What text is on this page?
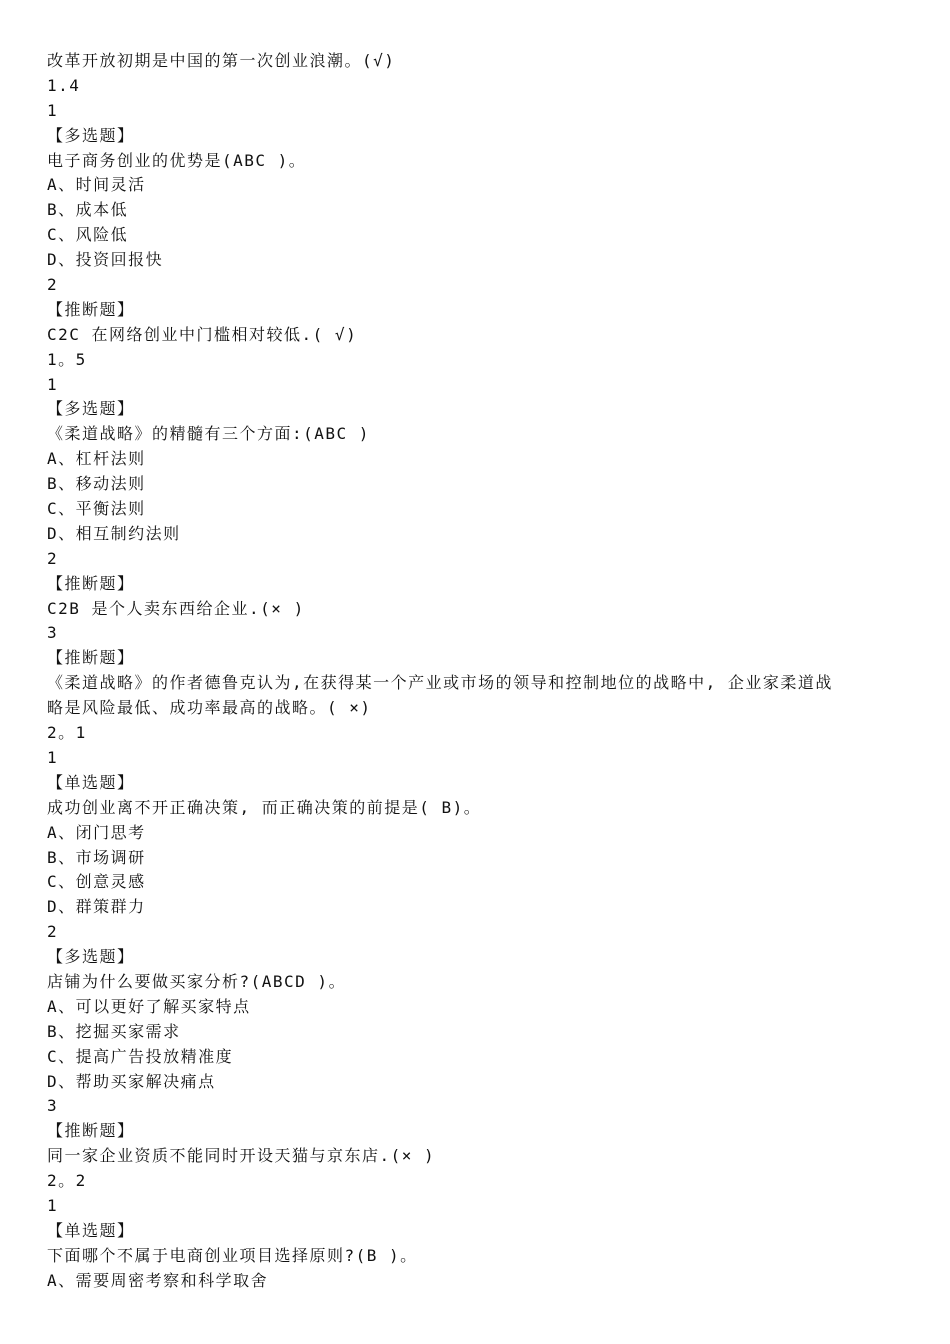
改革开放初期是中国的第一次创业浪潮。(√)
1.4
1
【多选题】
电子商务创业的优势是(ABC )。
A、时间灵活
B、成本低
C、风险低
D、投资回报快
2
【推断题】
C2C 在网络创业中门槛相对较低.( √)
1。5
1
【多选题】
《柔道战略》的精髓有三个方面:(ABC )
A、杠杆法则
B、移动法则
C、平衡法则
D、相互制约法则
2
【推断题】
C2B 是个人卖东西给企业.(× )
3
【推断题】
《柔道战略》的作者德鲁克认为,在获得某一个产业或市场的领导和控制地位的战略中, 企业家柔道战
略是风险最低、成功率最高的战略。( ×)
2。1
1
【单选题】
成功创业离不开正确决策, 而正确决策的前提是( B)。
A、闭门思考
B、市场调研
C、创意灵感
D、群策群力
2
【多选题】
店铺为什么要做买家分析?(ABCD )。
A、可以更好了解买家特点
B、挖掘买家需求
C、提高广告投放精准度
D、帮助买家解决痛点
3
【推断题】
同一家企业资质不能同时开设天猫与京东店.(× )
2。2
1
【单选题】
下面哪个不属于电商创业项目选择原则?(B )。
A、需要周密考察和科学取舍
